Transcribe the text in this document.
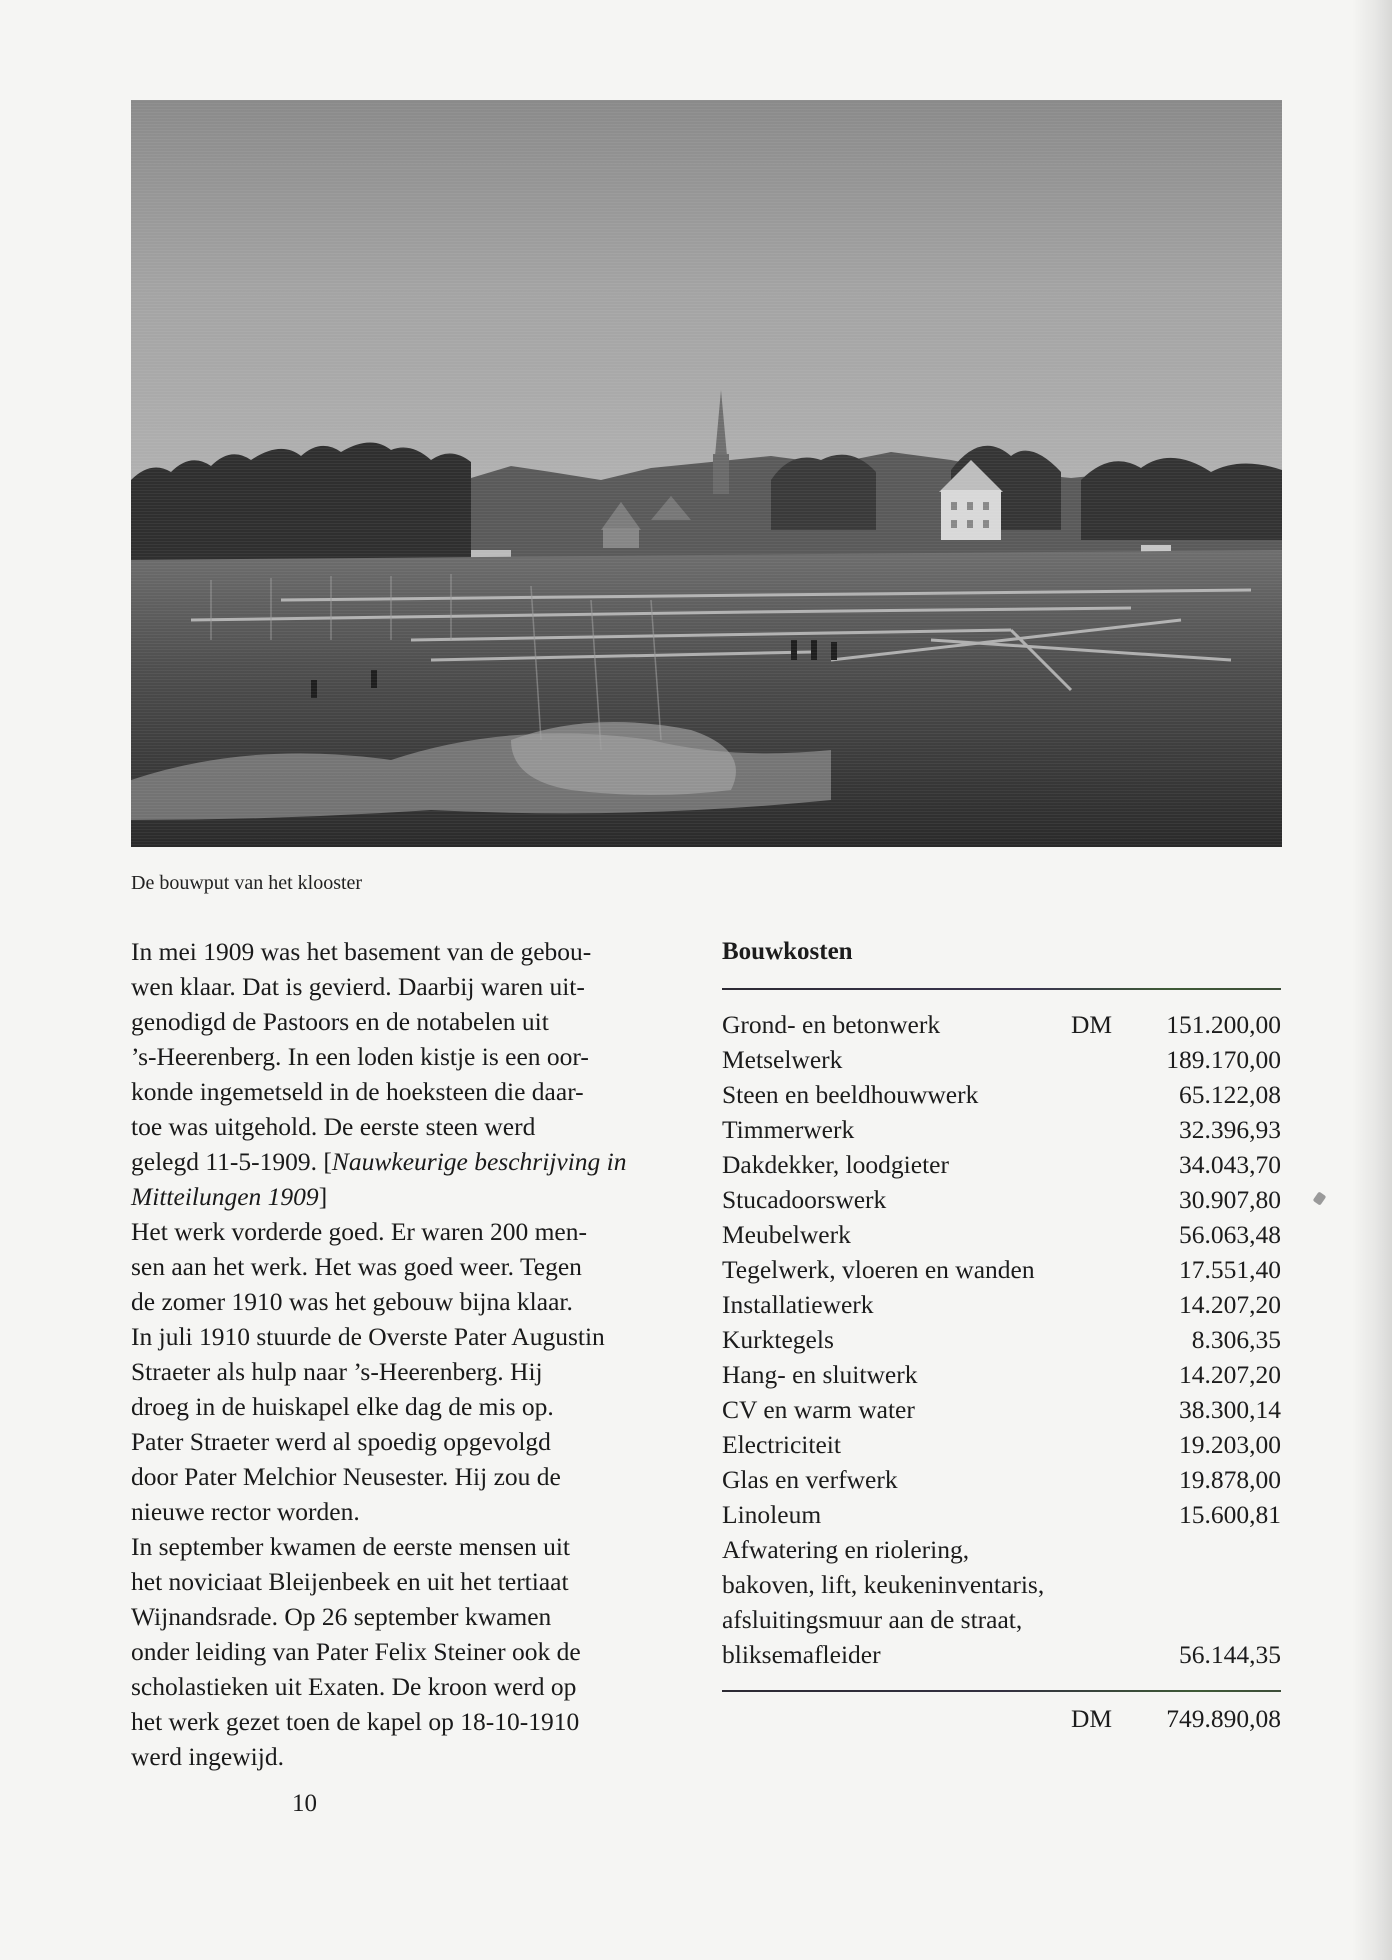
De bouwput van het klooster
In mei 1909 was het basement van de gebou-
wen klaar. Dat is gevierd. Daarbij waren uit-
genodigd de Pastoors en de notabelen uit
’s-Heerenberg. In een loden kistje is een oor-
konde ingemetseld in de hoeksteen die daar-
toe was uitgehold. De eerste steen werd
gelegd 11-5-1909. [Nauwkeurige beschrijving in
Mitteilungen 1909]
Het werk vorderde goed. Er waren 200 men-
sen aan het werk. Het was goed weer. Tegen
de zomer 1910 was het gebouw bijna klaar.
In juli 1910 stuurde de Overste Pater Augustin
Straeter als hulp naar ’s-Heerenberg. Hij
droeg in de huiskapel elke dag de mis op.
Pater Straeter werd al spoedig opgevolgd
door Pater Melchior Neusester. Hij zou de
nieuwe rector worden.
In september kwamen de eerste mensen uit
het noviciaat Bleijenbeek en uit het tertiaat
Wijnandsrade. Op 26 september kwamen
onder leiding van Pater Felix Steiner ook de
scholastieken uit Exaten. De kroon werd op
het werk gezet toen de kapel op 18-10-1910
werd ingewijd.
Bouwkosten
Grond- en betonwerk	DM	151.200,00
Metselwerk	189.170,00
Steen en beeldhouwwerk	65.122,08
Timmerwerk	32.396,93
Dakdekker, loodgieter	34.043,70
Stucadoorswerk	30.907,80
Meubelwerk	56.063,48
Tegelwerk, vloeren en wanden	17.551,40
Installatiewerk	14.207,20
Kurktegels	8.306,35
Hang- en sluitwerk	14.207,20
CV en warm water	38.300,14
Electriciteit	19.203,00
Glas en verfwerk	19.878,00
Linoleum	15.600,81
Afwatering en riolering,
bakoven, lift, keukeninventaris,
afsluitingsmuur aan de straat,
bliksemafleider	56.144,35
DM	749.890,08
10
